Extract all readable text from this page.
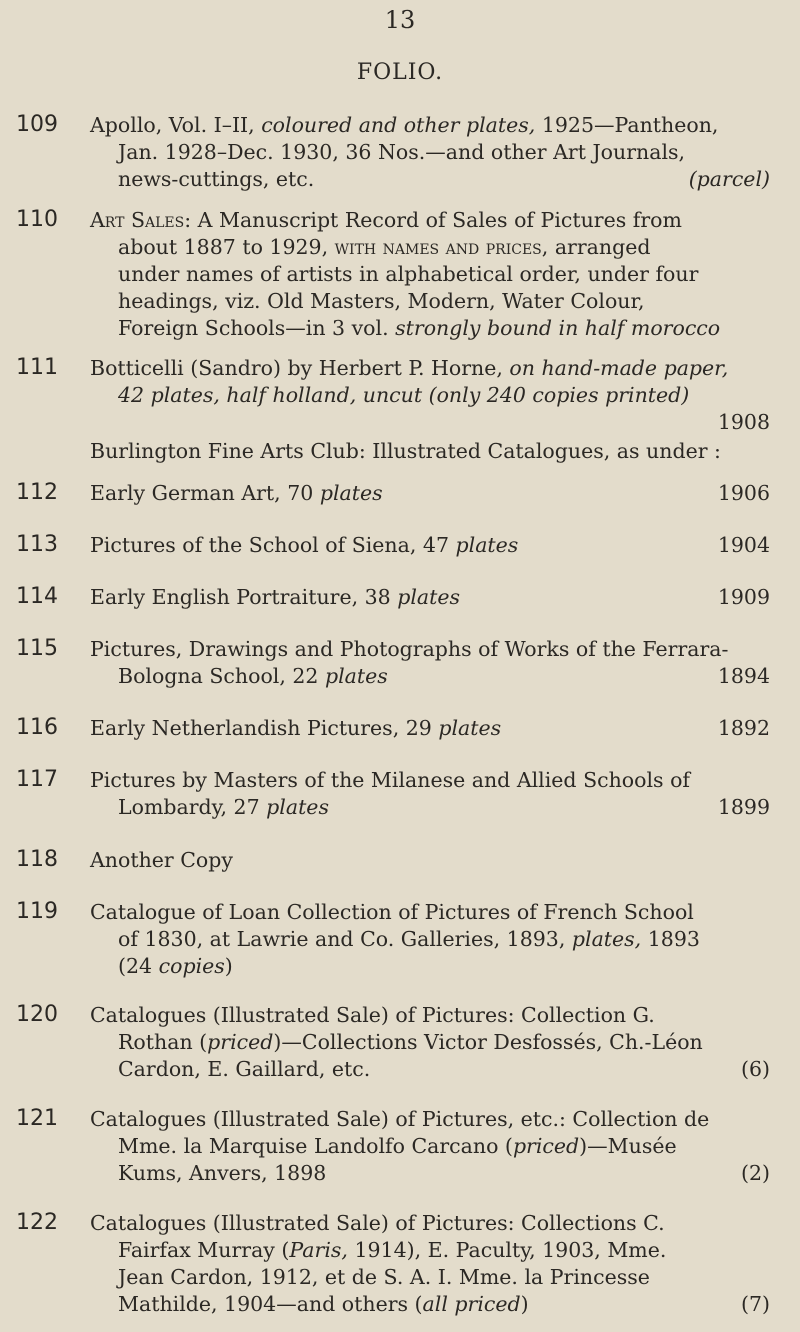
13
FOLIO.
109	Apollo, Vol. I–II, coloured and other plates, 1925—Pantheon,
Jan. 1928–Dec. 1930, 36 Nos.—and other Art Journals,
news-cuttings, etc.	(parcel)
110	Art Sales: A Manuscript Record of Sales of Pictures from
about 1887 to 1929, with names and prices, arranged
under names of artists in alphabetical order, under four
headings, viz. Old Masters, Modern, Water Colour,
Foreign Schools—in 3 vol. strongly bound in half morocco
111	Botticelli (Sandro) by Herbert P. Horne, on hand-made paper,
42 plates, half holland, uncut (only 240 copies printed)
1908
Burlington Fine Arts Club: Illustrated Catalogues, as under :
112	Early German Art, 70 plates	1906
113	Pictures of the School of Siena, 47 plates	1904
114	Early English Portraiture, 38 plates	1909
115	Pictures, Drawings and Photographs of Works of the Ferrara-
Bologna School, 22 plates	1894
116	Early Netherlandish Pictures, 29 plates	1892
117	Pictures by Masters of the Milanese and Allied Schools of
Lombardy, 27 plates	1899
118	Another Copy
119	Catalogue of Loan Collection of Pictures of French School
of 1830, at Lawrie and Co. Galleries, 1893, plates, 1893
(24 copies)
120	Catalogues (Illustrated Sale) of Pictures: Collection G.
Rothan (priced)—Collections Victor Desfossés, Ch.-Léon
Cardon, E. Gaillard, etc.	(6)
121	Catalogues (Illustrated Sale) of Pictures, etc.: Collection de
Mme. la Marquise Landolfo Carcano (priced)—Musée
Kums, Anvers, 1898	(2)
122	Catalogues (Illustrated Sale) of Pictures: Collections C.
Fairfax Murray (Paris, 1914), E. Paculty, 1903, Mme.
Jean Cardon, 1912, et de S. A. I. Mme. la Princesse
Mathilde, 1904—and others (all priced)	(7)
